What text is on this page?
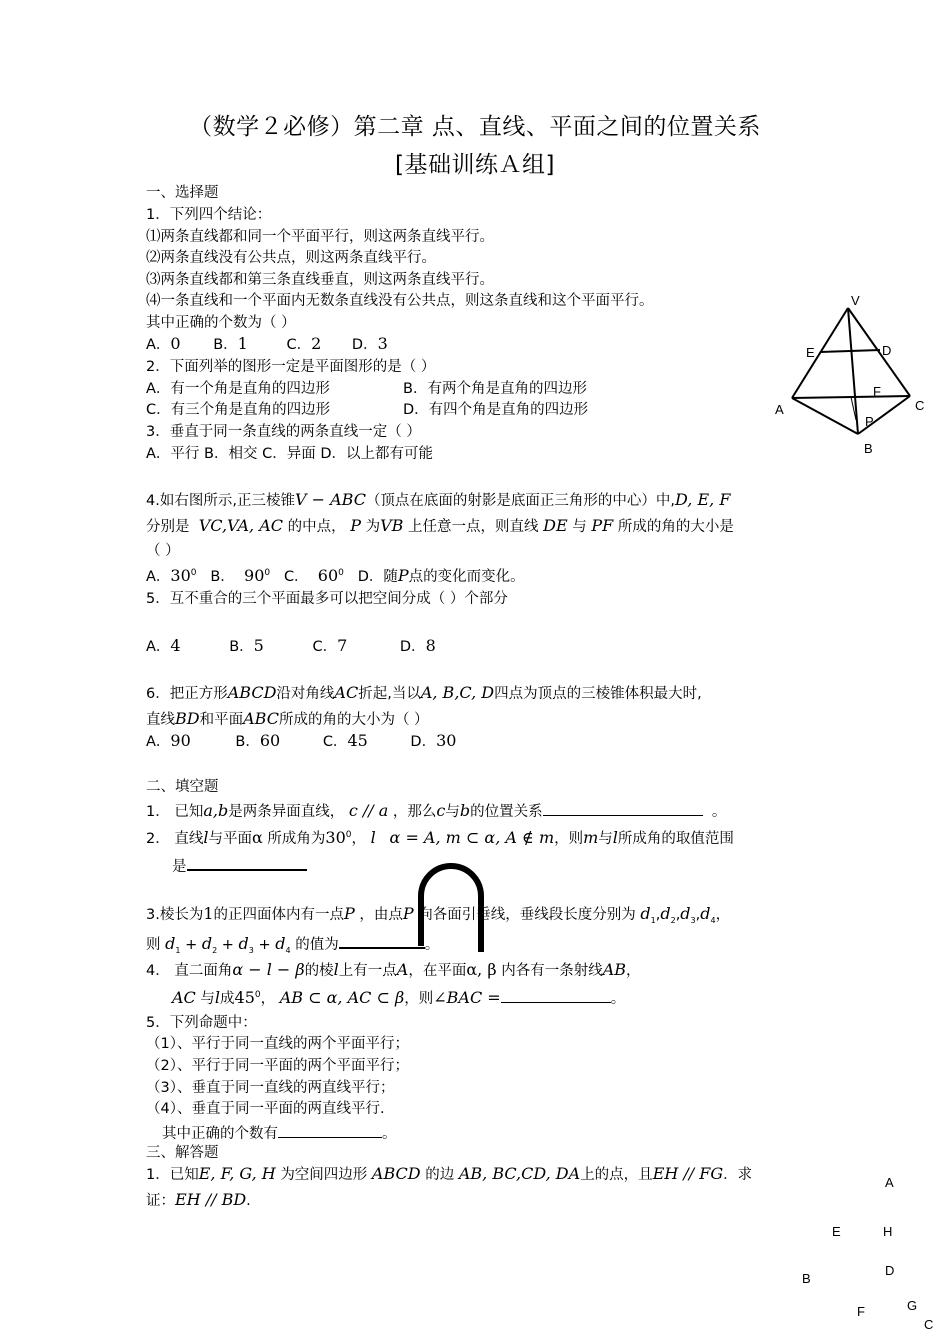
（数学２必修）第二章 点、直线、平面之间的位置关系
[基础训练Ａ组]
一、选择题
1．下列四个结论：
⑴两条直线都和同一个平面平行，则这两条直线平行。
⑵两条直线没有公共点，则这两条直线平行。
⑶两条直线都和第三条直线垂直，则这两条直线平行。
⑷一条直线和一个平面内无数条直线没有公共点，则这条直线和这个平面平行。
其中正确的个数为（ ）
A．0 B．1	C．2 D．3
2．下面列举的图形一定是平面图形的是（ ）
A．有一个角是直角的四边形	B．有两个角是直角的四边形
C．有三个角是直角的四边形	D．有四个角是直角的四边形
3．垂直于同一条直线的两条直线一定（ ）
A．平行 B．相交 C．异面 D．以上都有可能
4.如右图所示,正三棱锥V − ABC（顶点在底面的射影是底面正三角形的中心）中,D, E, F
分别是 VC,VA, AC 的中点， P 为VB 上任意一点，则直线 DE 与 PF 所成的角的大小是
（ ）
A．$30^0$ B． $90^0$ C． $60^0$ D．随P点的变化而变化。
5．互不重合的三个平面最多可以把空间分成（ ）个部分
A．4	B．5	C．7	D．8
6．把正方形ABCD沿对角线AC折起,当以A, B,C, D四点为顶点的三棱锥体积最大时,
直线BD和平面ABC所成的角的大小为（ ）
A．90	B．60	C．45	D．30
二、填空题
1． 已知a,b是两条异面直线， c // a ，那么c与b的位置关系	。
2． 直线l与平面α 所成角为$30^0$， l α = A, m ⊂ α, A ∉ m，则m与l所成角的取值范围
是
3.棱长为1的正四面体内有一点P ，由点P 向各面引垂线，垂线段长度分别为 $d_1,d_2,d_3,d_4$，
则 $d_1 + d_2 + d_3 + d_4$ 的值为	。
4． 直二面角α − l − β的棱l上有一点A，在平面α, β 内各有一条射线AB，
AC 与l成$45^0$， AB ⊂ α, AC ⊂ β，则∠BAC =	。
5．下列命题中：
（1）、平行于同一直线的两个平面平行；
（2）、平行于同一平面的两个平面平行；
（3）、垂直于同一直线的两直线平行；
（4）、垂直于同一平面的两直线平行.
其中正确的个数有	。
三、解答题
1．已知E, F, G, H 为空间四边形 ABCD 的边 AB, BC,CD, DA上的点，且EH // FG．求
证：EH // BD.
V
E	D
F
A	C
P
B
A
E	H
D
B
F	G
C
